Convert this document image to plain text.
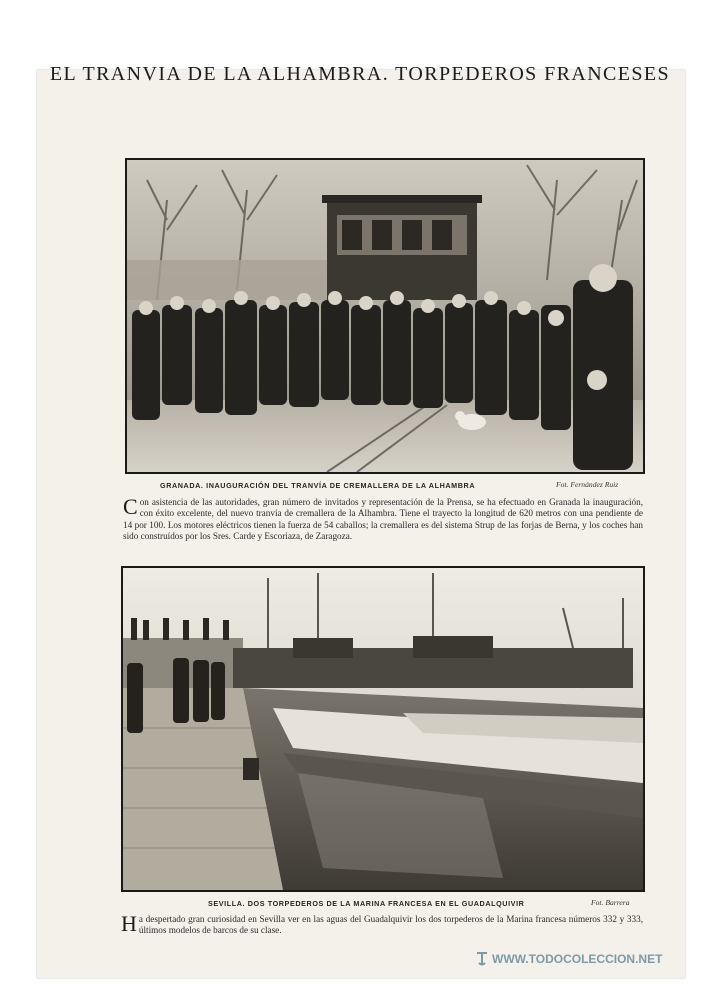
EL TRANVIA DE LA ALHAMBRA. TORPEDEROS FRANCESES
GRANADA. INAUGURACIÓN DEL TRANVÍA DE CREMALLERA DE LA ALHAMBRA	Fot. Fernández Ruiz
Con asistencia de las autoridades, gran número de invitados y representación de la Prensa, se ha efectuado en Granada la inauguración, con éxito excelente, del nuevo tranvía de cremallera de la Alhambra. Tiene el trayecto la longitud de 620 metros con una pendiente de 14 por 100. Los motores eléctricos tienen la fuerza de 54 caballos; la cremallera es del sistema Strup de las forjas de Berna, y los coches han sido construídos por los Sres. Carde y Escoriaza, de Zaragoza.
SEVILLA. DOS TORPEDEROS DE LA MARINA FRANCESA EN EL GUADALQUIVIR	Fot. Barrera
Ha despertado gran curiosidad en Sevilla ver en las aguas del Guadalquivir los dos torpederos de la Marina francesa números 332 y 333, últimos modelos de barcos de su clase.
WWW.TODOCOLECCION.NET
